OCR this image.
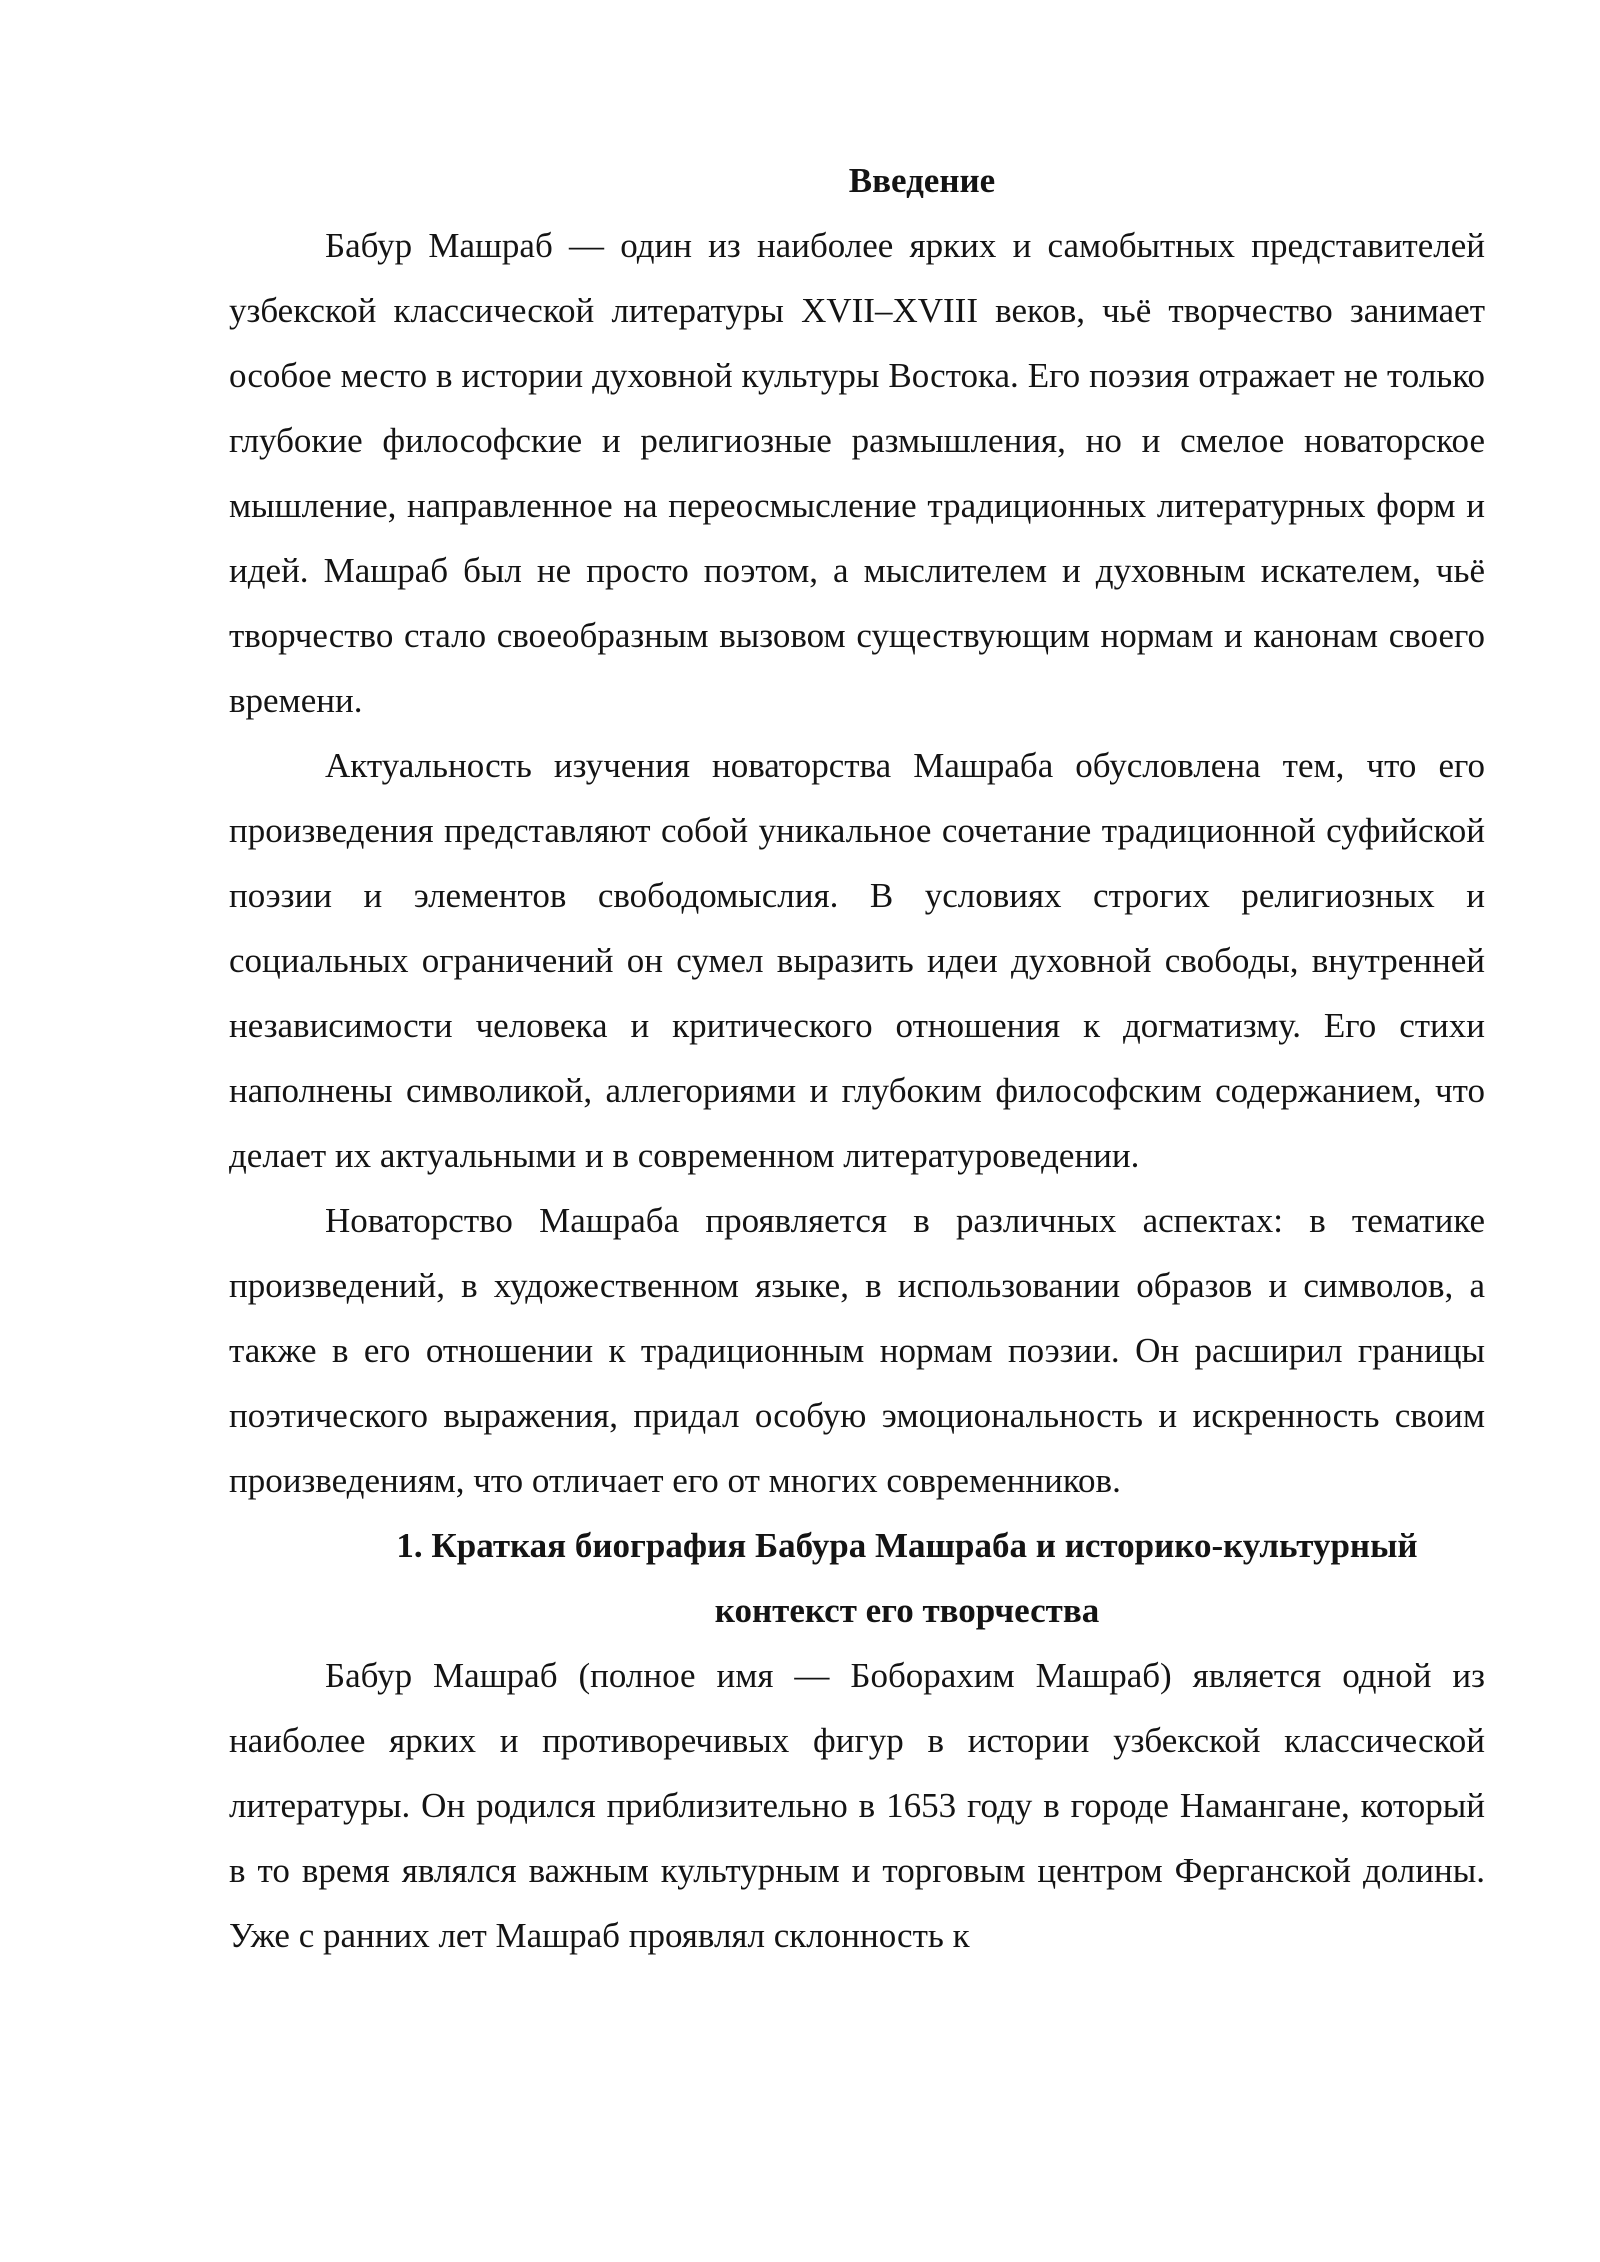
Введение

Бабур Машраб — один из наиболее ярких и самобытных представителей узбекской классической литературы XVII–XVIII веков, чьё творчество занимает особое место в истории духовной культуры Востока. Его поэзия отражает не только глубокие философские и религиозные размышления, но и смелое новаторское мышление, направленное на переосмысление традиционных литературных форм и идей. Машраб был не просто поэтом, а мыслителем и духовным искателем, чьё творчество стало своеобразным вызовом существующим нормам и канонам своего времени.

Актуальность изучения новаторства Машраба обусловлена тем, что его произведения представляют собой уникальное сочетание традиционной суфийской поэзии и элементов свободомыслия. В условиях строгих религиозных и социальных ограничений он сумел выразить идеи духовной свободы, внутренней независимости человека и критического отношения к догматизму. Его стихи наполнены символикой, аллегориями и глубоким философским содержанием, что делает их актуальными и в современном литературоведении.

Новаторство Машраба проявляется в различных аспектах: в тематике произведений, в художественном языке, в использовании образов и символов, а также в его отношении к традиционным нормам поэзии. Он расширил границы поэтического выражения, придал особую эмоциональность и искренность своим произведениям, что отличает его от многих современников.

1. Краткая биография Бабура Машраба и историко-культурный
контекст его творчества

Бабур Машраб (полное имя — Боборахим Машраб) является одной из наиболее ярких и противоречивых фигур в истории узбекской классической литературы. Он родился приблизительно в 1653 году в городе Намангане, который в то время являлся важным культурным и торговым центром Ферганской долины. Уже с ранних лет Машраб проявлял склонность к
